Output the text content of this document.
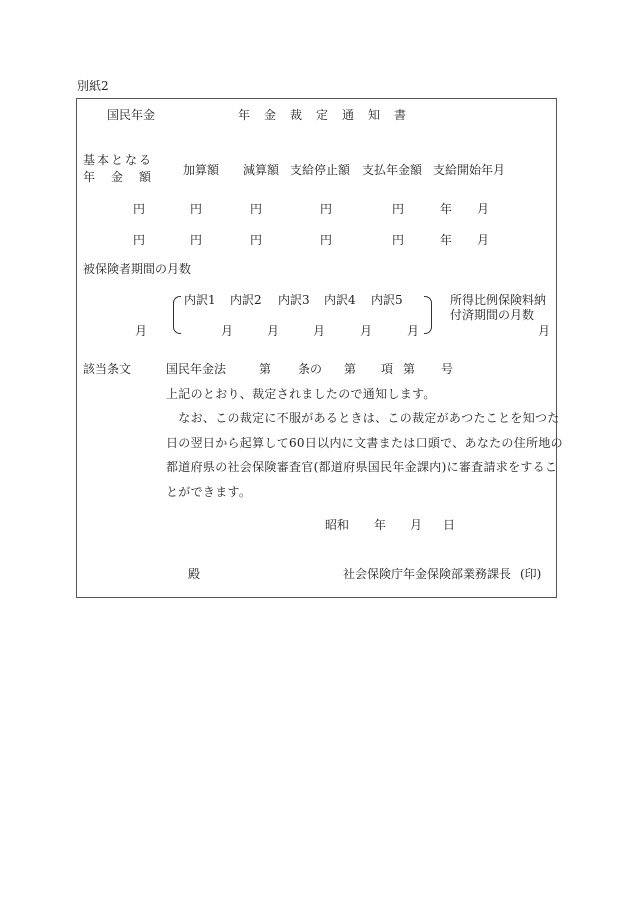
別紙2
国民年金	年　金　裁　定　通　知　書
基本となる
年　金　額 加算額 減算額 支給停止額 支払年金額 支給開始年月
円	円	円	円	円	年 月
円	円	円	円	円	年 月
被保険者期間の月数
月
内訳1 内訳2 内訳3 内訳4 内訳5
月	月	月	月	月
所得比例保険料納
付済期間の月数
月
該当条文	国民年金法	第 条の 第 項 第 号
上記のとおり、裁定されましたので通知します。
　なお、この裁定に不服があるときは、この裁定があつたことを知つた
日の翌日から起算して60日以内に文書または口頭で、あなたの住所地の
都道府県の社会保険審査官(都道府県国民年金課内)に審査請求をするこ
とができます。
昭和 年 月 日
殿	社会保険庁年金保険部業務課長 (印)
